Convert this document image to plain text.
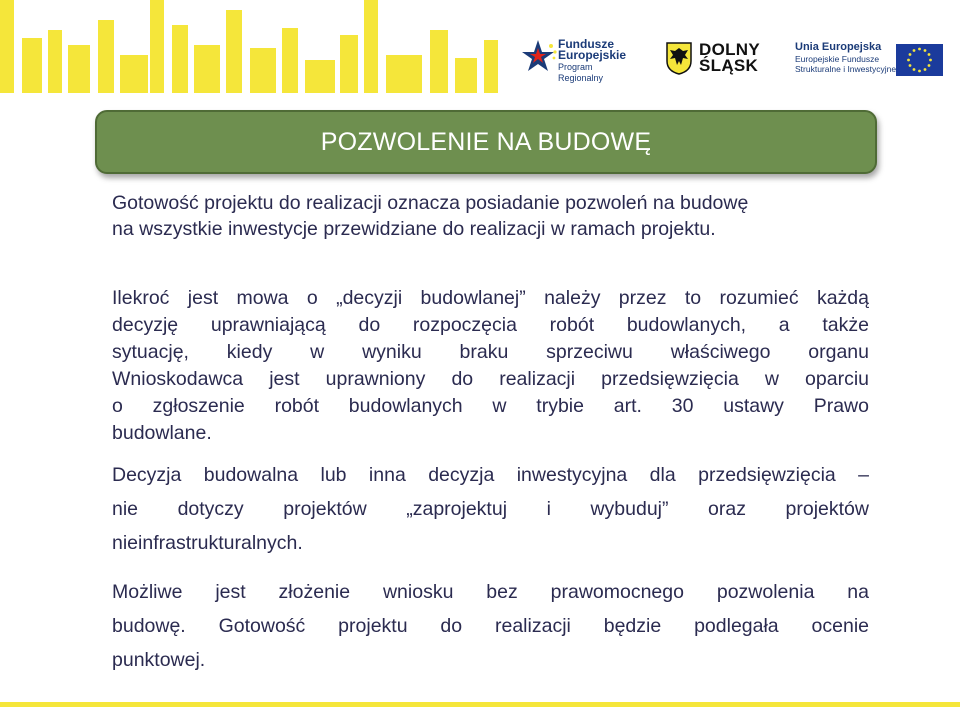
Fundusze
Europejskie
Program Regionalny
DOLNY
ŚLĄSK
Unia Europejska
Europejskie Fundusze
Strukturalne i Inwestycyjne
POZWOLENIE NA BUDOWĘ
Gotowość projektu do realizacji oznacza posiadanie pozwoleń na budowę
na wszystkie inwestycje przewidziane do realizacji w ramach projektu.
Ilekroć jest mowa o „decyzji budowlanej” należy przez to rozumieć każdą
decyzję uprawniającą do rozpoczęcia robót budowlanych, a także
sytuację, kiedy w wyniku braku sprzeciwu właściwego organu
Wnioskodawca jest uprawniony do realizacji przedsięwzięcia w oparciu
o zgłoszenie robót budowlanych w trybie art. 30 ustawy Prawo
budowlane.
Decyzja budowalna lub inna decyzja inwestycyjna dla przedsięwzięcia –
nie dotyczy projektów „zaprojektuj i wybuduj” oraz projektów
nieinfrastrukturalnych.
Możliwe jest złożenie wniosku bez prawomocnego pozwolenia na
budowę. Gotowość projektu do realizacji będzie podlegała ocenie
punktowej.
